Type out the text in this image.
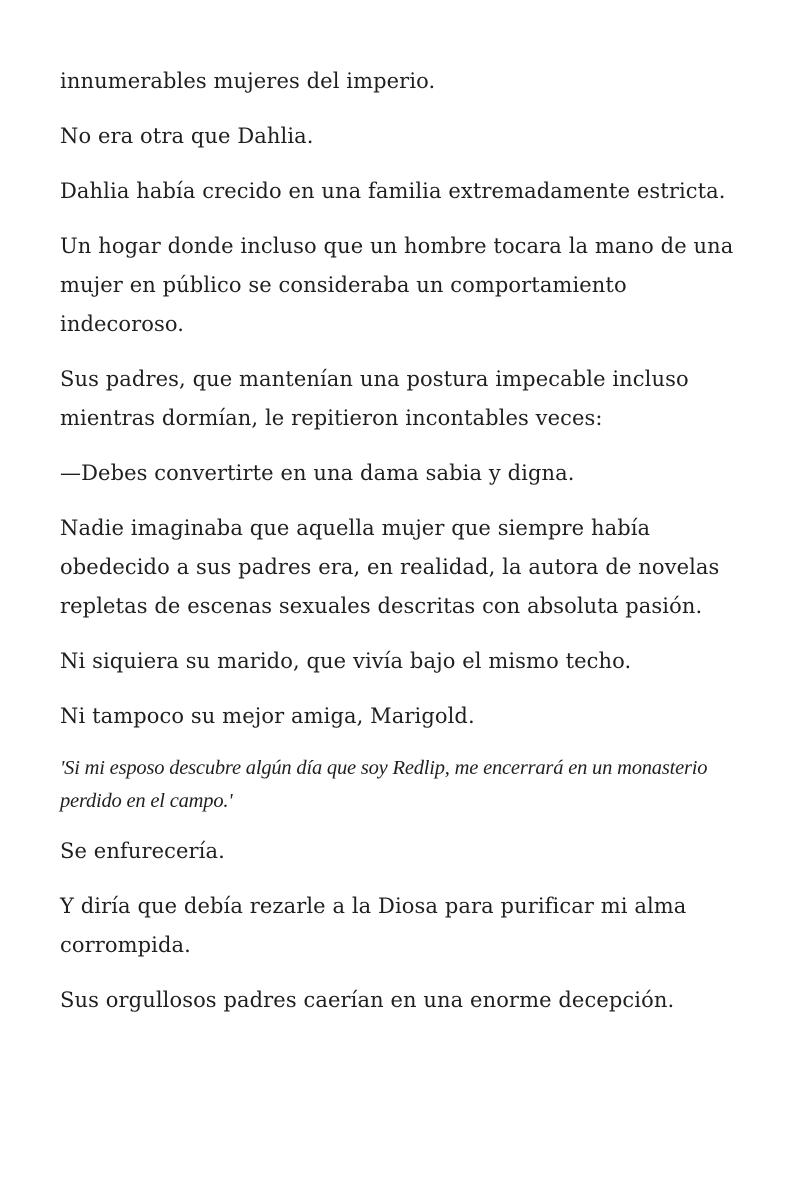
innumerables mujeres del imperio.

No era otra que Dahlia.

Dahlia había crecido en una familia extremadamente estricta.

Un hogar donde incluso que un hombre tocara la mano de una mujer en público se consideraba un comportamiento indecoroso.

Sus padres, que mantenían una postura impecable incluso mientras dormían, le repitieron incontables veces:

—Debes convertirte en una dama sabia y digna.

Nadie imaginaba que aquella mujer que siempre había obedecido a sus padres era, en realidad, la autora de novelas repletas de escenas sexuales descritas con absoluta pasión.

Ni siquiera su marido, que vivía bajo el mismo techo.

Ni tampoco su mejor amiga, Marigold.

'Si mi esposo descubre algún día que soy Redlip, me encerrará en un monasterio perdido en el campo.'

Se enfurecería.

Y diría que debía rezarle a la Diosa para purificar mi alma corrompida.

Sus orgullosos padres caerían en una enorme decepción.
